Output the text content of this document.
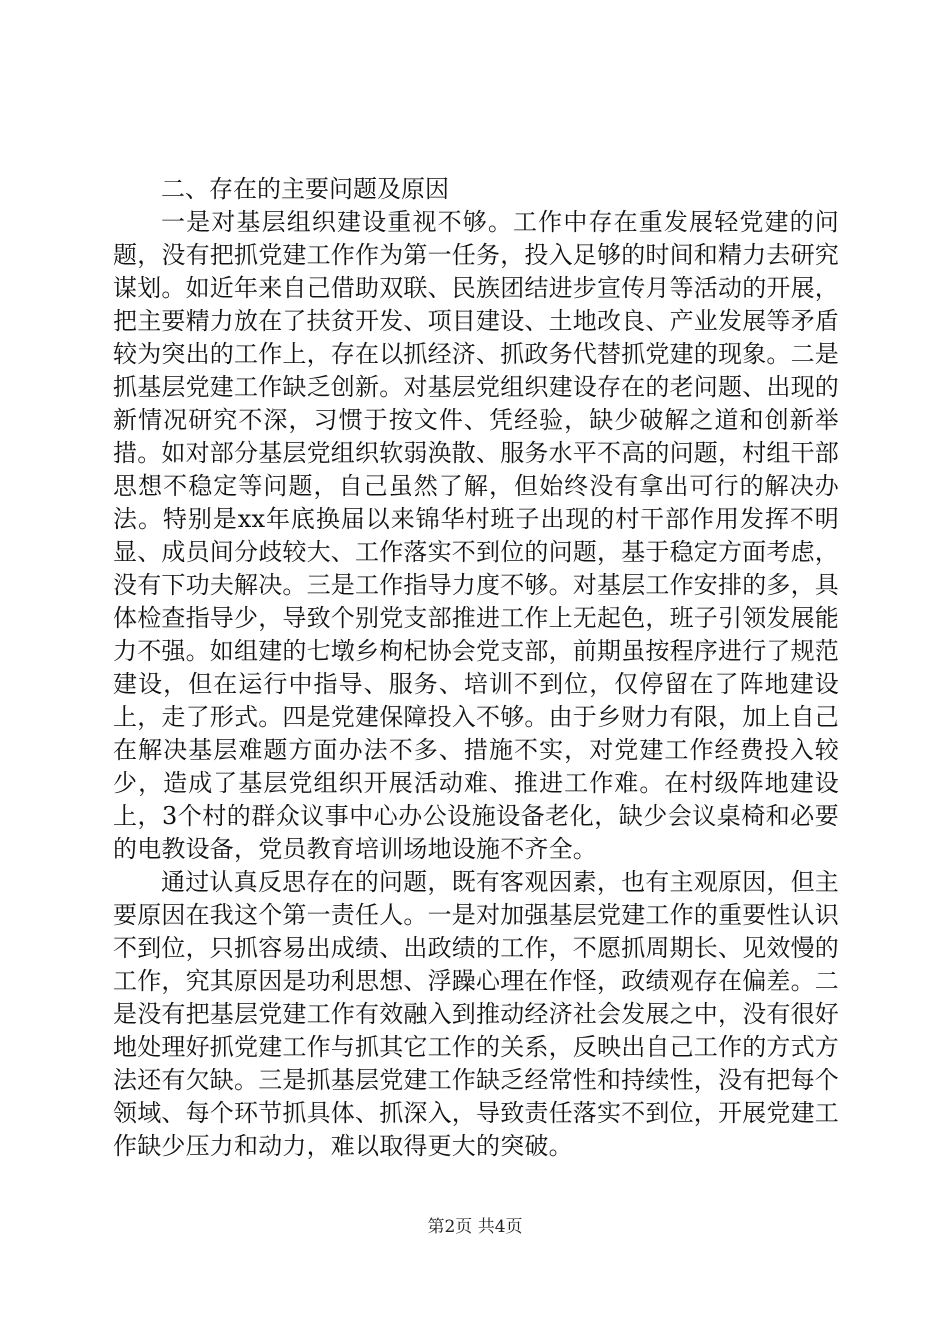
二、存在的主要问题及原因

一是对基层组织建设重视不够。工作中存在重发展轻党建的问题，没有把抓党建工作作为第一任务，投入足够的时间和精力去研究谋划。如近年来自己借助双联、民族团结进步宣传月等活动的开展，把主要精力放在了扶贫开发、项目建设、土地改良、产业发展等矛盾较为突出的工作上，存在以抓经济、抓政务代替抓党建的现象。二是抓基层党建工作缺乏创新。对基层党组织建设存在的老问题、出现的新情况研究不深，习惯于按文件、凭经验，缺少破解之道和创新举措。如对部分基层党组织软弱涣散、服务水平不高的问题，村组干部思想不稳定等问题，自己虽然了解，但始终没有拿出可行的解决办法。特别是xx年底换届以来锦华村班子出现的村干部作用发挥不明显、成员间分歧较大、工作落实不到位的问题，基于稳定方面考虑，没有下功夫解决。三是工作指导力度不够。对基层工作安排的多，具体检查指导少，导致个别党支部推进工作上无起色，班子引领发展能力不强。如组建的七墩乡枸杞协会党支部，前期虽按程序进行了规范建设，但在运行中指导、服务、培训不到位，仅停留在了阵地建设上，走了形式。四是党建保障投入不够。由于乡财力有限，加上自己在解决基层难题方面办法不多、措施不实，对党建工作经费投入较少，造成了基层党组织开展活动难、推进工作难。在村级阵地建设上，3个村的群众议事中心办公设施设备老化，缺少会议桌椅和必要的电教设备，党员教育培训场地设施不齐全。

通过认真反思存在的问题，既有客观因素，也有主观原因，但主要原因在我这个第一责任人。一是对加强基层党建工作的重要性认识不到位，只抓容易出成绩、出政绩的工作，不愿抓周期长、见效慢的工作，究其原因是功利思想、浮躁心理在作怪，政绩观存在偏差。二是没有把基层党建工作有效融入到推动经济社会发展之中，没有很好地处理好抓党建工作与抓其它工作的关系，反映出自己工作的方式方法还有欠缺。三是抓基层党建工作缺乏经常性和持续性，没有把每个领域、每个环节抓具体、抓深入，导致责任落实不到位，开展党建工作缺少压力和动力，难以取得更大的突破。

第2页 共4页
